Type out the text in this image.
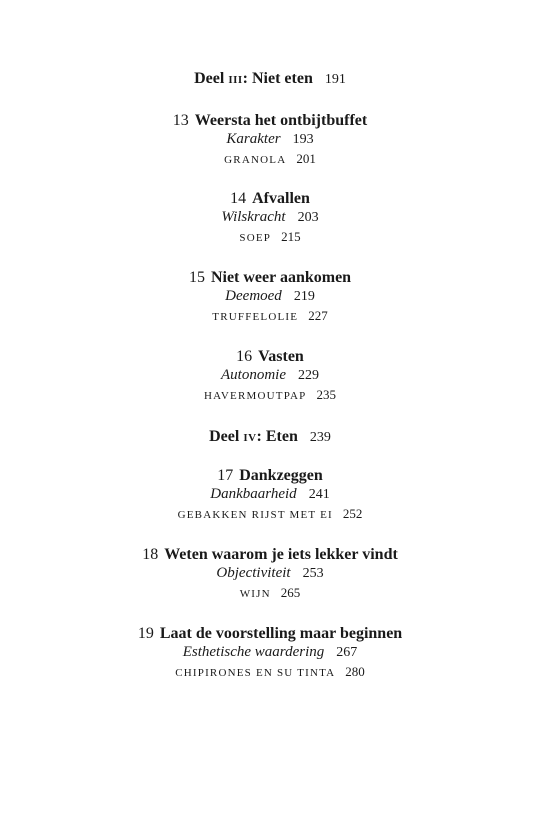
Deel iii: Niet eten 191
13 Weersta het ontbijtbuffet
Karakter 193
GRANOLA 201
14 Afvallen
Wilskracht 203
SOEP 215
15 Niet weer aankomen
Deemoed 219
TRUFFELOLIE 227
16 Vasten
Autonomie 229
HAVERMOUTPAP 235
Deel iv: Eten 239
17 Dankzeggen
Dankbaarheid 241
GEBAKKEN RIJST MET EI 252
18 Weten waarom je iets lekker vindt
Objectiviteit 253
WIJN 265
19 Laat de voorstelling maar beginnen
Esthetische waardering 267
CHIPIRONES EN SU TINTA 280
